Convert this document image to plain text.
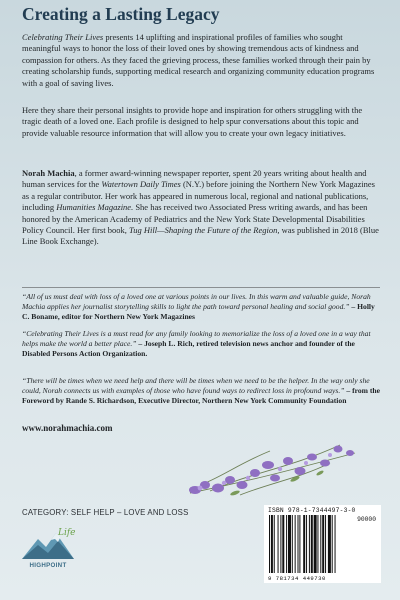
Creating a Lasting Legacy

Celebrating Their Lives presents 14 uplifting and inspirational profiles of families who sought meaningful ways to honor the loss of their loved ones by showing tremendous acts of kindness and compassion for others. As they faced the grieving process, these families worked through their pain by creating scholarship funds, supporting medical research and organizing community education programs with a goal of saving lives.

Here they share their personal insights to provide hope and inspiration for others struggling with the tragic death of a loved one. Each profile is designed to help spur conversations about this topic and provide valuable resource information that will allow you to create your own legacy initiatives.

Norah Machia, a former award-winning newspaper reporter, spent 20 years writing about health and human services for the Watertown Daily Times (N.Y.) before joining the Northern New York Magazines as a regular contributor. Her work has appeared in numerous local, regional and national publications, including Humanities Magazine. She has received two Associated Press writing awards, and has been honored by the American Academy of Pediatrics and the New York State Developmental Disabilities Policy Council. Her first book, Tug Hill—Shaping the Future of the Region, was published in 2018 (Blue Line Book Exchange).

“All of us must deal with loss of a loved one at various points in our lives. In this warm and valuable guide, Norah Machia applies her journalist storytelling skills to light the path toward personal healing and social good.” – Holly C. Boname, editor for Northern New York Magazines

“Celebrating Their Lives is a must read for any family looking to memorialize the loss of a loved one in a way that helps make the world a better place.” – Joseph L. Rich, retired television news anchor and founder of the Disabled Persons Action Organization.

“There will be times when we need help and there will be times when we need to be the helper. In the way only she could, Norah connects us with examples of those who have found ways to redirect loss in profound ways.” – from the Foreword by Rande S. Richardson, Executive Director, Northern New York Community Foundation

www.norahmachia.com
CATEGORY: SELF HELP – LOVE AND LOSS
Life
HIGHPOINT
ISBN 978-1-7344497-3-0
90000
9 781734 449730
